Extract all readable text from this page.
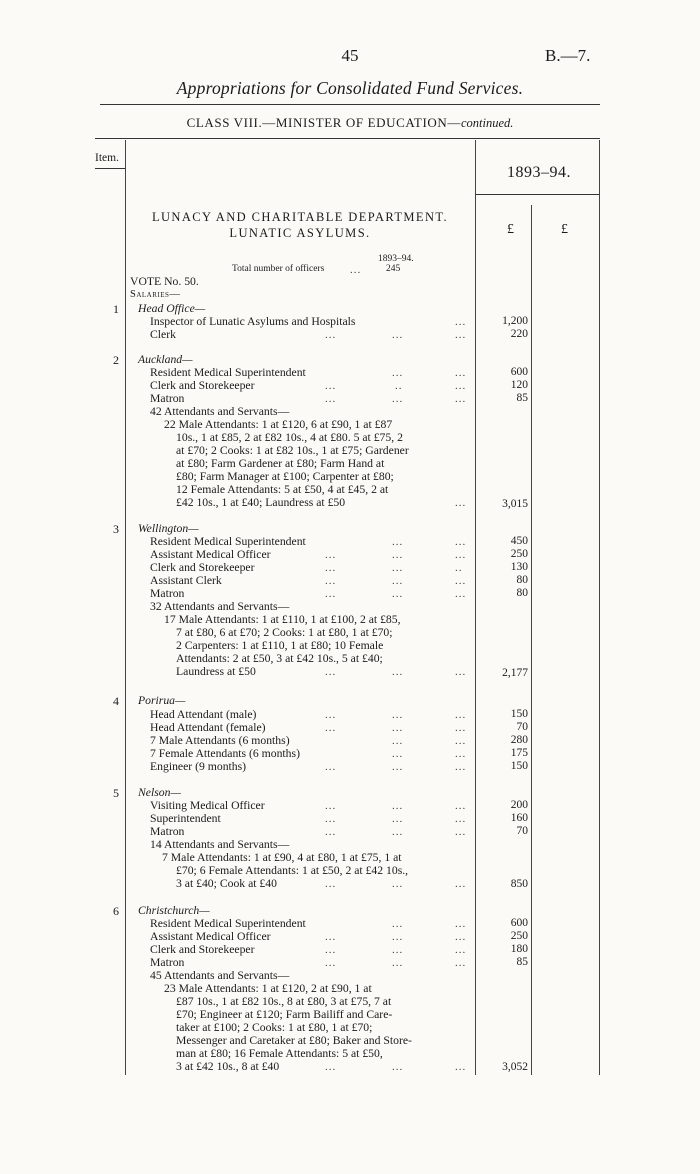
45	B.—7.
Appropriations for Consolidated Fund Services.
CLASS VIII.—MINISTER OF EDUCATION—continued.
Item.
1893–94.
£	£
LUNACY AND CHARITABLE DEPARTMENT.
LUNATIC ASYLUMS.
1893–94.
Total number of officers ...	245
VOTE No. 50.
Salaries—
1	Head Office—
Inspector of Lunatic Asylums and Hospitals	...	1,200
Clerk	...	...	...	220
2	Auckland—
Resident Medical Superintendent	...	...	600
Clerk and Storekeeper	...	..	...	120
Matron	...	...	...	85
42 Attendants and Servants—
22 Male Attendants: 1 at £120, 6 at £90, 1 at £87
10s., 1 at £85, 2 at £82 10s., 4 at £80. 5 at £75, 2
at £70; 2 Cooks: 1 at £82 10s., 1 at £75; Gardener
at £80; Farm Gardener at £80; Farm Hand at
£80; Farm Manager at £100; Carpenter at £80;
12 Female Attendants: 5 at £50, 4 at £45, 2 at
£42 10s., 1 at £40; Laundress at £50	...	3,015
3	Wellington—
Resident Medical Superintendent	...	...	450
Assistant Medical Officer	...	...	...	250
Clerk and Storekeeper	...	...	..	130
Assistant Clerk	...	...	...	80
Matron	...	...	...	80
32 Attendants and Servants—
17 Male Attendants: 1 at £110, 1 at £100, 2 at £85,
7 at £80, 6 at £70; 2 Cooks: 1 at £80, 1 at £70;
2 Carpenters: 1 at £110, 1 at £80; 10 Female
Attendants: 2 at £50, 3 at £42 10s., 5 at £40;
Laundress at £50	...	...	...	2,177
4	Porirua—
Head Attendant (male)	...	...	...	150
Head Attendant (female)	...	...	...	70
7 Male Attendants (6 months)	...	...	280
7 Female Attendants (6 months)	...	...	175
Engineer (9 months)	...	...	...	150
5	Nelson—
Visiting Medical Officer	...	...	...	200
Superintendent	...	...	...	160
Matron	...	...	...	70
14 Attendants and Servants—
7 Male Attendants: 1 at £90, 4 at £80, 1 at £75, 1 at
£70; 6 Female Attendants: 1 at £50, 2 at £42 10s.,
3 at £40; Cook at £40	...	...	...	850
6	Christchurch—
Resident Medical Superintendent	...	...	600
Assistant Medical Officer	...	...	...	250
Clerk and Storekeeper	...	...	...	180
Matron	...	...	...	85
45 Attendants and Servants—
23 Male Attendants: 1 at £120, 2 at £90, 1 at
£87 10s., 1 at £82 10s., 8 at £80, 3 at £75, 7 at
£70; Engineer at £120; Farm Bailiff and Care-
taker at £100; 2 Cooks: 1 at £80, 1 at £70;
Messenger and Caretaker at £80; Baker and Store-
man at £80; 16 Female Attendants: 5 at £50,
3 at £42 10s., 8 at £40	...	...	...	3,052
